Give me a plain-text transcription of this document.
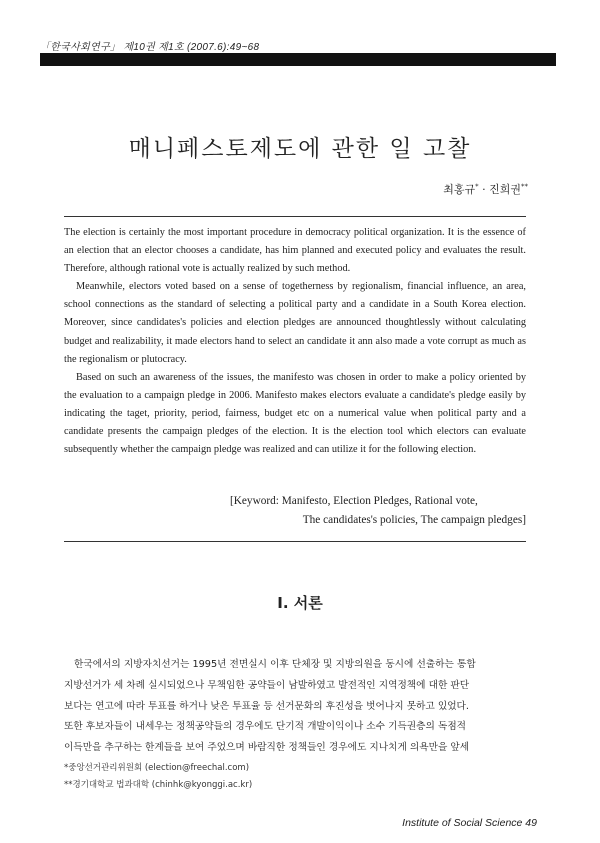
「한국사회연구」 제10권 제1호 (2007.6):49~68
매니페스토제도에 관한 일 고찰
최홍규* · 진희권**

The election is certainly the most important procedure in democracy political organization. It is the essence of an election that an elector chooses a candidate, has him planned and executed policy and evaluates the result. Therefore, although rational vote is actually realized by such method.

Meanwhile, electors voted based on a sense of togetherness by regionalism, financial influence, an area, school connections as the standard of selecting a political party and a candidate in a South Korea election. Moreover, since candidates's policies and election pledges are announced thoughtlessly without calculating budget and realizability, it made electors hand to select an candidate it ann also made a vote corrupt as much as the regionalism or plutocracy.

Based on such an awareness of the issues, the manifesto was chosen in order to make a policy oriented by the evaluation to a campaign pledge in 2006. Manifesto makes electors evaluate a candidate's pledge easily by indicating the taget, priority, period, fairness, budget etc on a numerical value when political party and a candidate presents the campaign pledges of the election. It is the election tool which electors can evaluate subsequently whether the campaign pledge was realized and can utilize it for the following election.

[Keyword: Manifesto, Election Pledges, Rational vote,
The candidates's policies, The campaign pledges]
Ⅰ. 서론
한국에서의 지방자치선거는 1995년 전면실시 이후 단체장 및 지방의원을 동시에 선출하는 통합
지방선거가 세 차례 실시되었으나 무책임한 공약들이 남발하였고 발전적인 지역정책에 대한 판단
보다는 연고에 따라 투표를 하거나 낮은 투표율 등 선거문화의 후진성을 벗어나지 못하고 있었다.
또한 후보자들이 내세우는 정책공약들의 경우에도 단기적 개발이익이나 소수 기득권층의 독점적
이득만을 추구하는 한계들을 보여 주었으며 바람직한 정책들인 경우에도 지나치게 의욕만을 앞세
*중앙선거관리위원회 (election@freechal.com)
**경기대학교 법과대학 (chinhk@kyonggi.ac.kr)
Institute of Social Science 49
